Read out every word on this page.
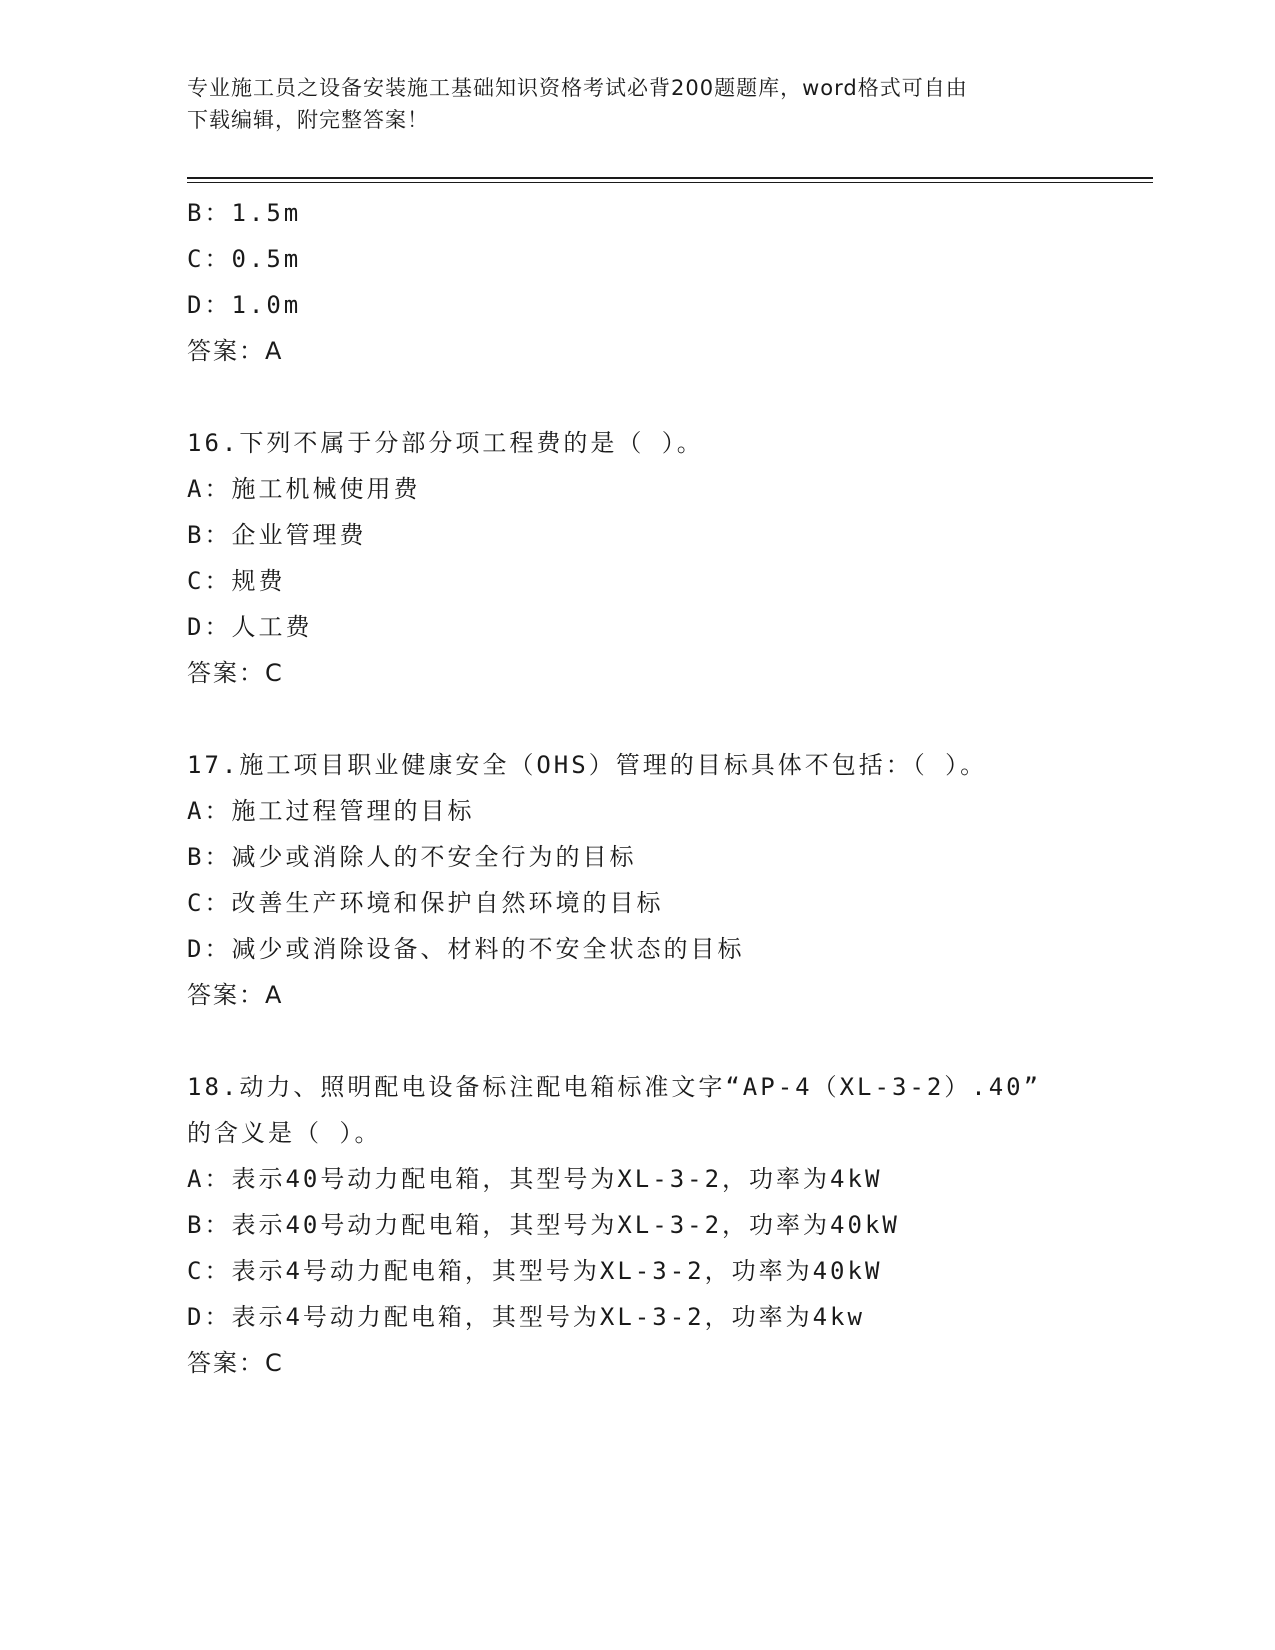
专业施工员之设备安装施工基础知识资格考试必背200题题库，word格式可自由
下载编辑，附完整答案！
B：1.5m
C：0.5m
D：1.0m
答案：A
16.下列不属于分部分项工程费的是（ ）。
A：施工机械使用费
B：企业管理费
C：规费
D：人工费
答案：C
17.施工项目职业健康安全（OHS）管理的目标具体不包括：（ ）。
A：施工过程管理的目标
B：减少或消除人的不安全行为的目标
C：改善生产环境和保护自然环境的目标
D：减少或消除设备、材料的不安全状态的目标
答案：A
18.动力、照明配电设备标注配电箱标准文字“AP-4（XL-3-2）.40”
的含义是（ ）。
A：表示40号动力配电箱，其型号为XL-3-2，功率为4kW
B：表示40号动力配电箱，其型号为XL-3-2，功率为40kW
C：表示4号动力配电箱，其型号为XL-3-2，功率为40kW
D：表示4号动力配电箱，其型号为XL-3-2，功率为4kw
答案：C
